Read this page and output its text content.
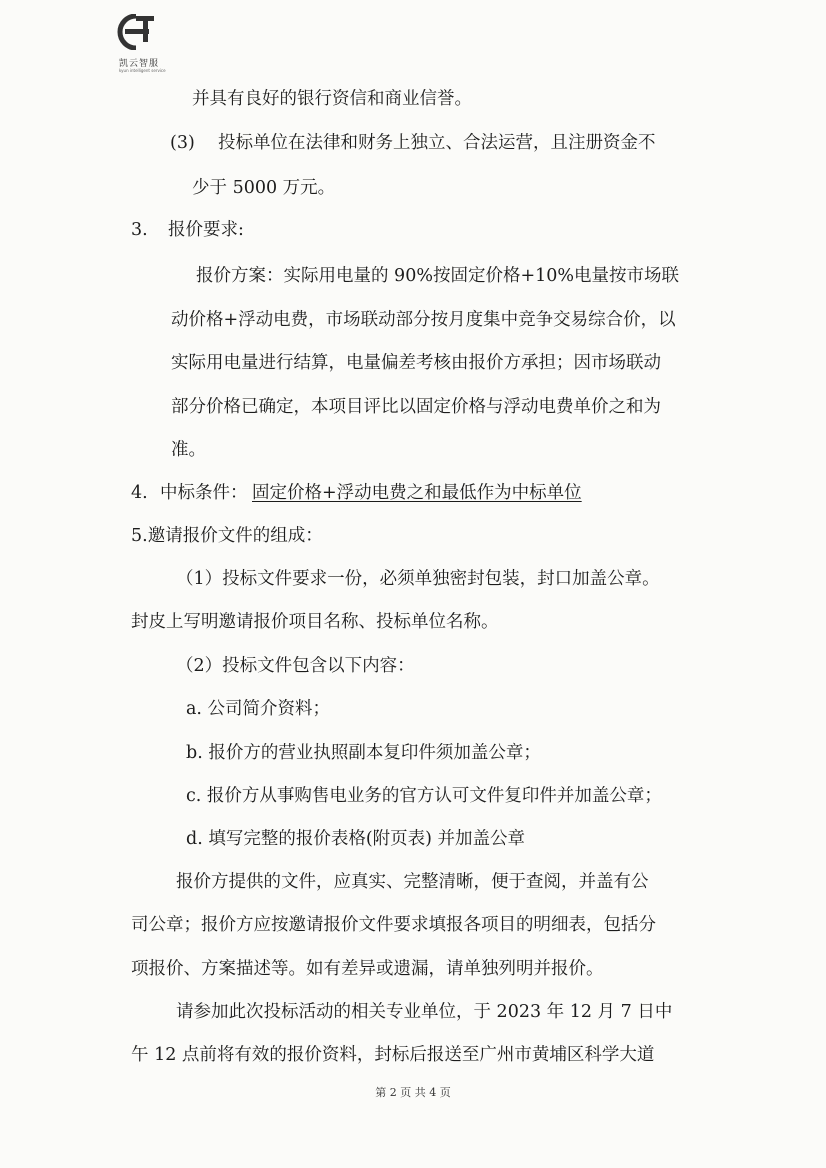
凯云智服
kyun intelligent service
并具有良好的银行资信和商业信誉。
(3) 投标单位在法律和财务上独立、合法运营，且注册资金不
少于 5000 万元。
3. 报价要求:
报价方案：实际用电量的 90%按固定价格+10%电量按市场联
动价格+浮动电费，市场联动部分按月度集中竞争交易综合价，以
实际用电量进行结算，电量偏差考核由报价方承担；因市场联动
部分价格已确定，本项目评比以固定价格与浮动电费单价之和为
准。
4. 中标条件： 固定价格+浮动电费之和最低作为中标单位
5.邀请报价文件的组成：
（1）投标文件要求一份，必须单独密封包装，封口加盖公章。
封皮上写明邀请报价项目名称、投标单位名称。
（2）投标文件包含以下内容：
a. 公司简介资料；
b. 报价方的营业执照副本复印件须加盖公章；
c. 报价方从事购售电业务的官方认可文件复印件并加盖公章；
d. 填写完整的报价表格(附页表) 并加盖公章
报价方提供的文件，应真实、完整清晰，便于查阅，并盖有公
司公章；报价方应按邀请报价文件要求填报各项目的明细表，包括分
项报价、方案描述等。如有差异或遗漏，请单独列明并报价。
请参加此次投标活动的相关专业单位，于 2023 年 12 月 7 日中
午 12 点前将有效的报价资料，封标后报送至广州市黄埔区科学大道
第 2 页 共 4 页
